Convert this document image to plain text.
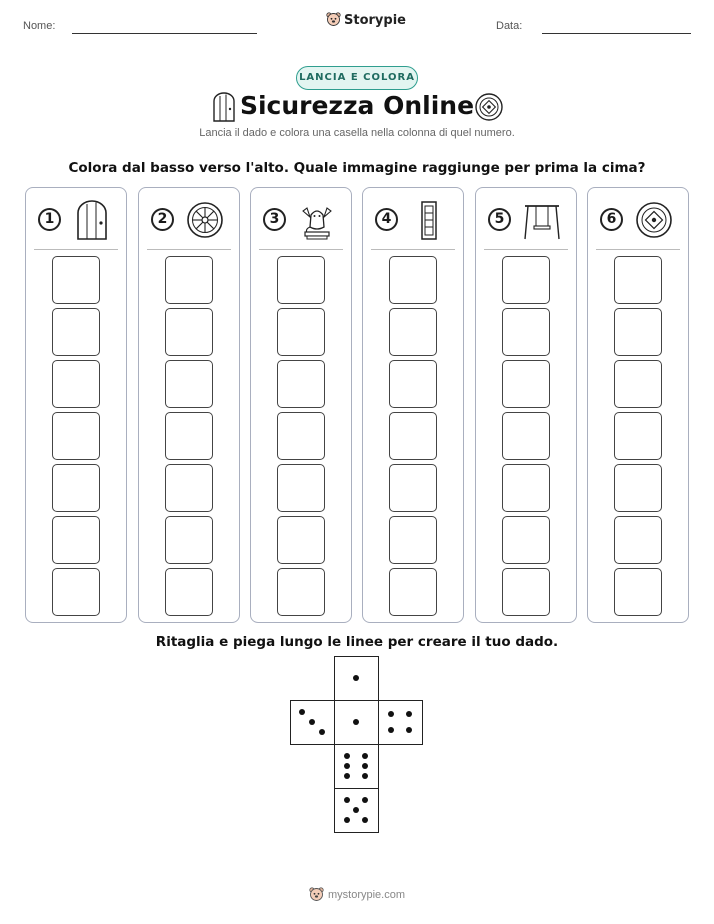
Nome:	Storypie	Data:
LANCIA E COLORA
Sicurezza Online
Lancia il dado e colora una casella nella colonna di quel numero.
Colora dal basso verso l'alto. Quale immagine raggiunge per prima la cima?
1	2	3	4	5	6
Ritaglia e piega lungo le linee per creare il tuo dado.
mystorypie.com
